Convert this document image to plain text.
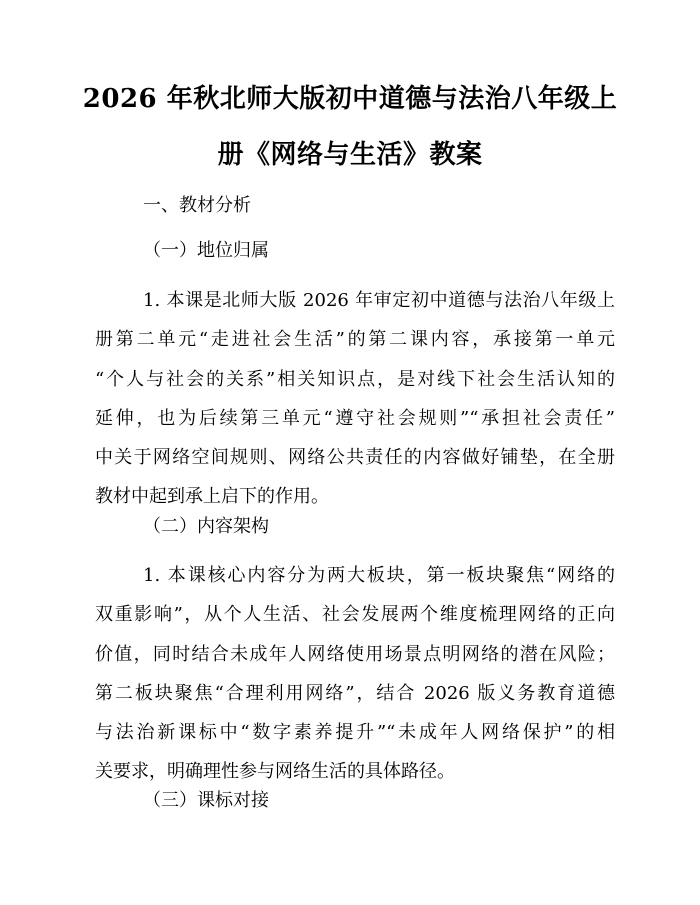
2026 年秋北师大版初中道德与法治八年级上
册《网络与生活》教案
一、教材分析
（一）地位归属
1. 本课是北师大版 2026 年审定初中道德与法治八年级上
册第二单元“走进社会生活”的第二课内容，承接第一单元
“个人与社会的关系”相关知识点，是对线下社会生活认知的
延伸，也为后续第三单元“遵守社会规则”“承担社会责任”
中关于网络空间规则、网络公共责任的内容做好铺垫，在全册
教材中起到承上启下的作用。
（二）内容架构
1. 本课核心内容分为两大板块，第一板块聚焦“网络的
双重影响”，从个人生活、社会发展两个维度梳理网络的正向
价值，同时结合未成年人网络使用场景点明网络的潜在风险；
第二板块聚焦“合理利用网络”，结合 2026 版义务教育道德
与法治新课标中“数字素养提升”“未成年人网络保护”的相
关要求，明确理性参与网络生活的具体路径。
（三）课标对接
